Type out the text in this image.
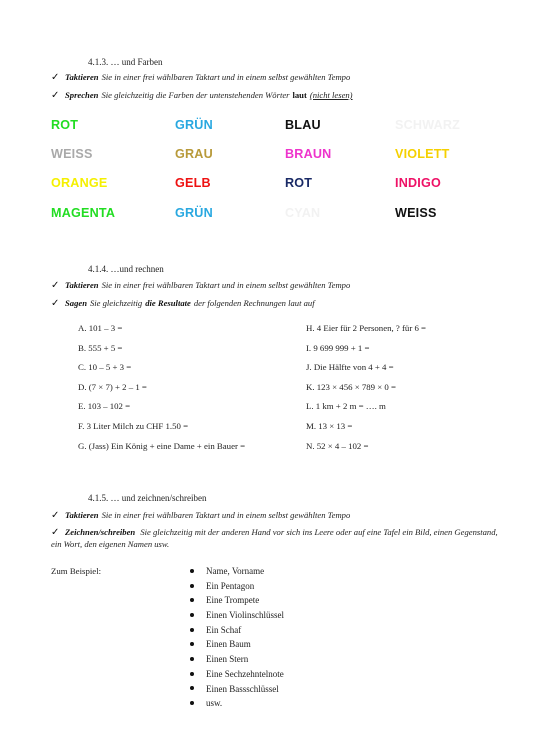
4.1.3. … und Farben
✓ Taktieren Sie in einer frei wählbaren Taktart und in einem selbst gewählten Tempo
✓ Sprechen Sie gleichzeitig die Farben der untenstehenden Wörter laut (nicht lesen)
ROT	GRÜN	BLAU	SCHWARZ
WEISS	GRAU	BRAUN	VIOLETT
ORANGE	GELB	ROT	INDIGO
MAGENTA	GRÜN	CYAN	WEISS
4.1.4. …und rechnen
✓ Taktieren Sie in einer frei wählbaren Taktart und in einem selbst gewählten Tempo
✓ Sagen Sie gleichzeitig die Resultate der folgenden Rechnungen laut auf
A. 101 – 3 =
B. 555 + 5 =
C. 10 – 5 + 3 =
D. (7 × 7) + 2 – 1 =
E. 103 – 102 =
F. 3 Liter Milch zu CHF 1.50 =
G. (Jass) Ein König + eine Dame + ein Bauer =
H. 4 Eier für 2 Personen, ? für 6 =
I. 9 699 999 + 1 =
J. Die Hälfte von 4 + 4 =
K. 123 × 456 × 789 × 0 =
L. 1 km + 2 m = …. m
M. 13 × 13 =
N. 52 × 4 – 102 =
4.1.5. … und zeichnen/schreiben
✓ Taktieren Sie in einer frei wählbaren Taktart und in einem selbst gewählten Tempo
✓ Zeichnen/schreiben Sie gleichzeitig mit der anderen Hand vor sich ins Leere oder auf eine Tafel ein Bild, einen Gegenstand, ein Wort, den eigenen Namen usw.
Zum Beispiel:	Name, Vorname
Ein Pentagon
Eine Trompete
Einen Violinschlüssel
Ein Schaf
Einen Baum
Einen Stern
Eine Sechzehntelnote
Einen Bassschlüssel
usw.
